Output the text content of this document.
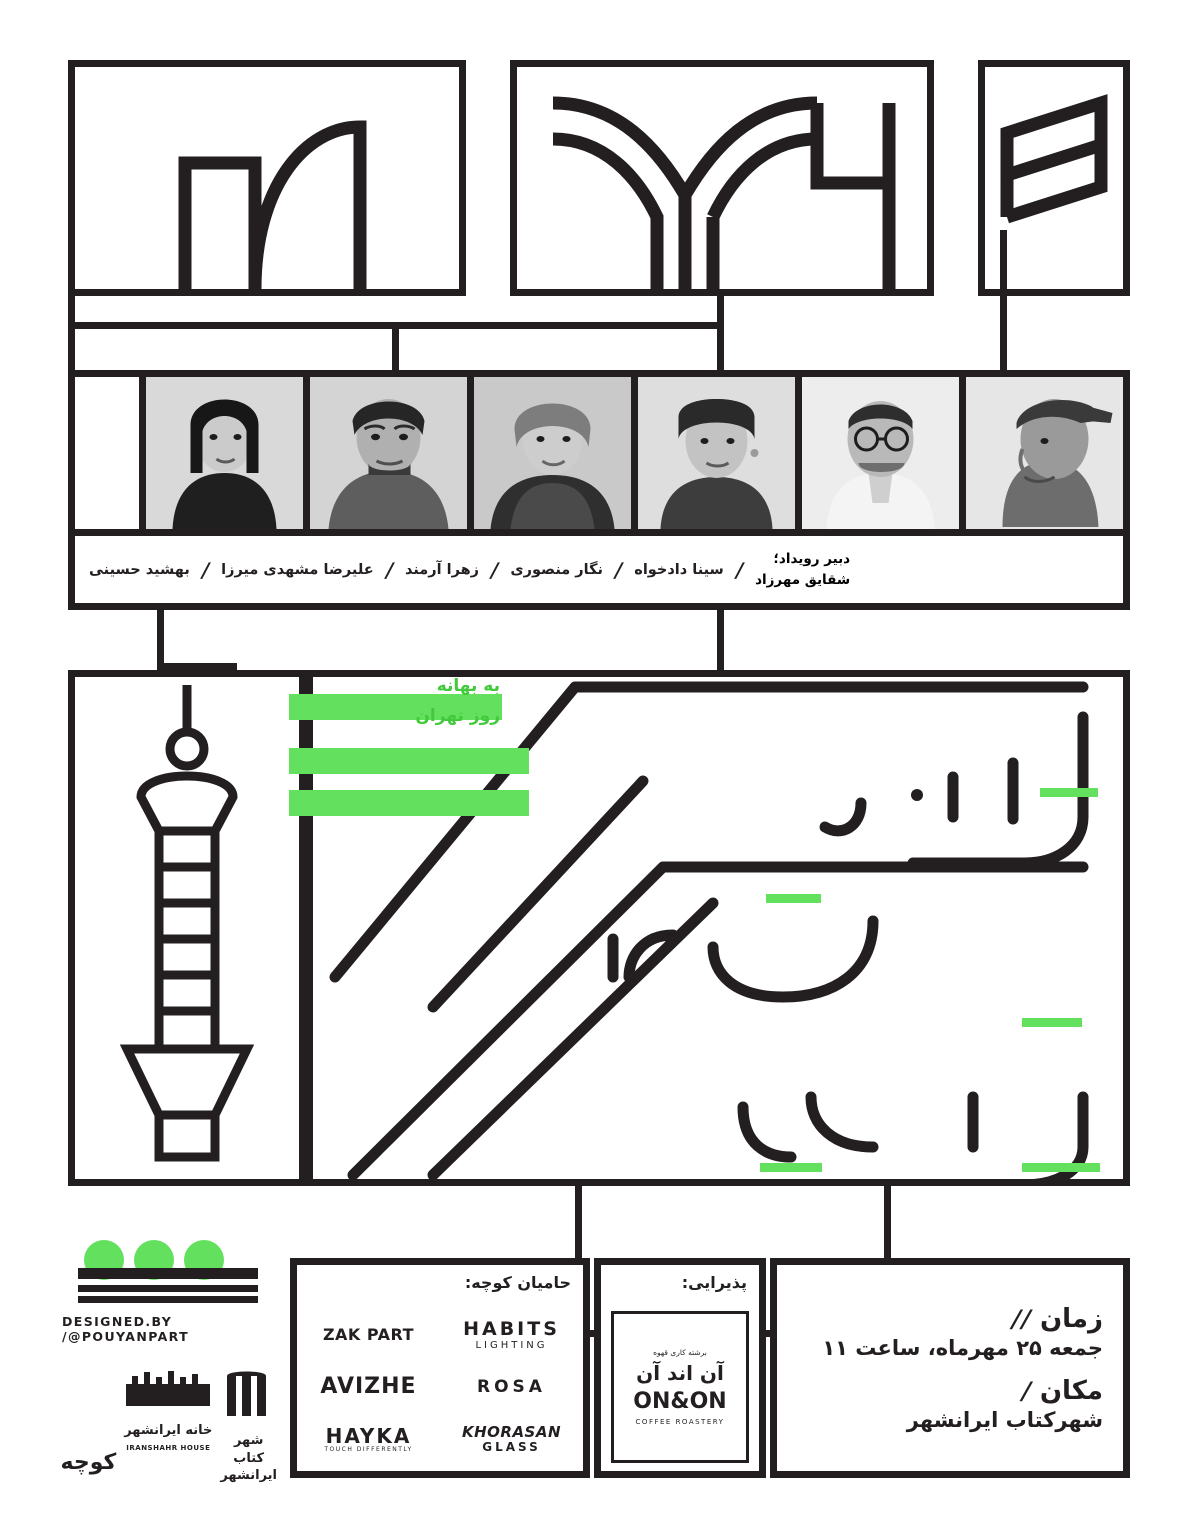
دبیر رویداد؛
شقایق مهرزاد
/
سینا دادخواه
/
نگار منصوری
/
زهرا آرمند
/
علیرضا مشهدی میرزا
/
بهشید حسینی
به بهانه
روز تهران
DESIGNED.BY /@POUYANPART
شهر کتاب
ایرانشهر
خانه ایرانشهر
IRANSHAHR HOUSE
کوچه
حامیان کوچه:
ZAK PART	HABITS
LIGHTING
AVIZHE	ROSA
HAYKA
TOUCH DIFFERENTLY
KHORASAN
GLASS
پذیرایی:
برشته کاری قهوه
آن اند آن
ON&ON
COFFEE ROASTERY
زمان
//
جمعه ۲۵ مهرماه، ساعت ۱۱
مکان
/
شهرکتاب ایرانشهر
